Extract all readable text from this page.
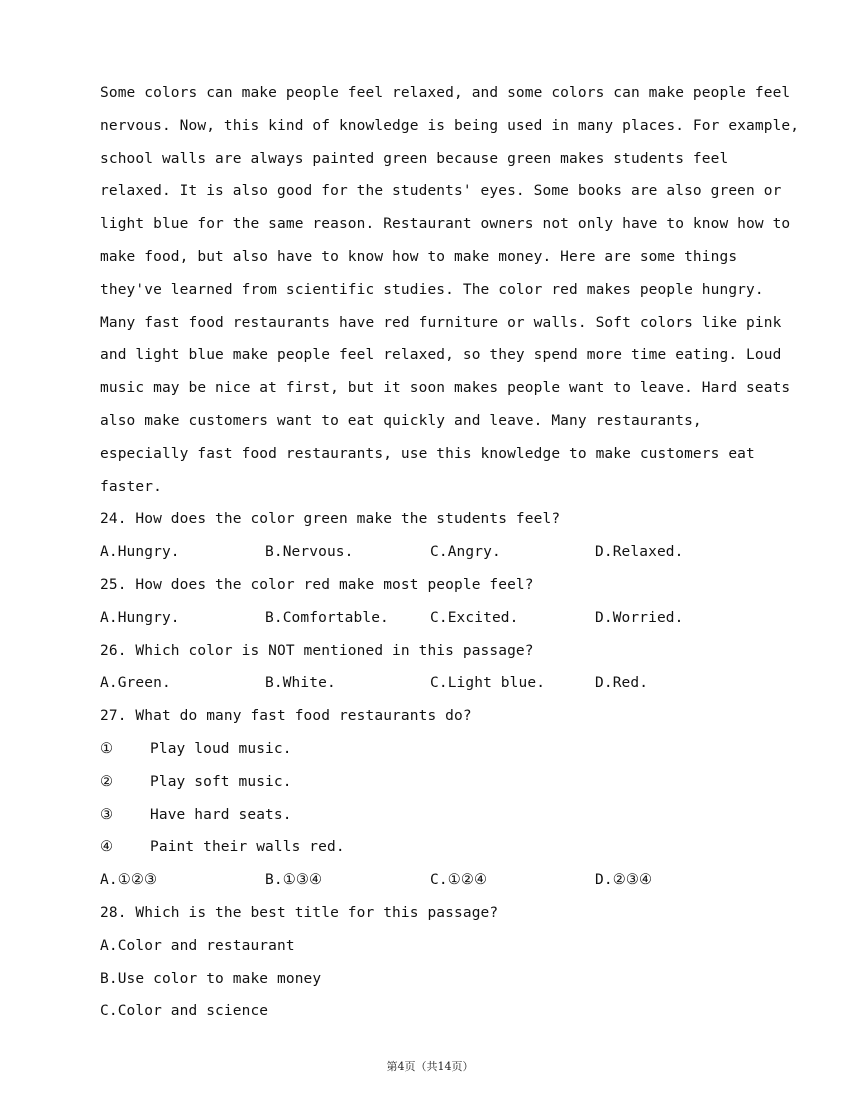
Some colors can make people feel relaxed, and some colors can make people feel
nervous. Now, this kind of knowledge is being used in many places. For example,
school walls are always painted green because green makes students feel
relaxed. It is also good for the students' eyes. Some books are also green or
light blue for the same reason. Restaurant owners not only have to know how to
make food, but also have to know how to make money. Here are some things
they've learned from scientific studies. The color red makes people hungry.
Many fast food restaurants have red furniture or walls. Soft colors like pink
and light blue make people feel relaxed, so they spend more time eating. Loud
music may be nice at first, but it soon makes people want to leave. Hard seats
also make customers want to eat quickly and leave. Many restaurants,
especially fast food restaurants, use this knowledge to make customers eat
faster.
24. How does the color green make the students feel?
A.Hungry.	B.Nervous.	C.Angry.	D.Relaxed.
25. How does the color red make most people feel?
A.Hungry.	B.Comfortable.	C.Excited.	D.Worried.
26. Which color is NOT mentioned in this passage?
A.Green.	B.White.	C.Light blue.	D.Red.
27. What do many fast food restaurants do?
①	Play loud music.
②	Play soft music.
③	Have hard seats.
④	Paint their walls red.
A.①②③	B.①③④	C.①②④	D.②③④
28. Which is the best title for this passage?
A.Color and restaurant
B.Use color to make money
C.Color and science
第4页（共14页）
